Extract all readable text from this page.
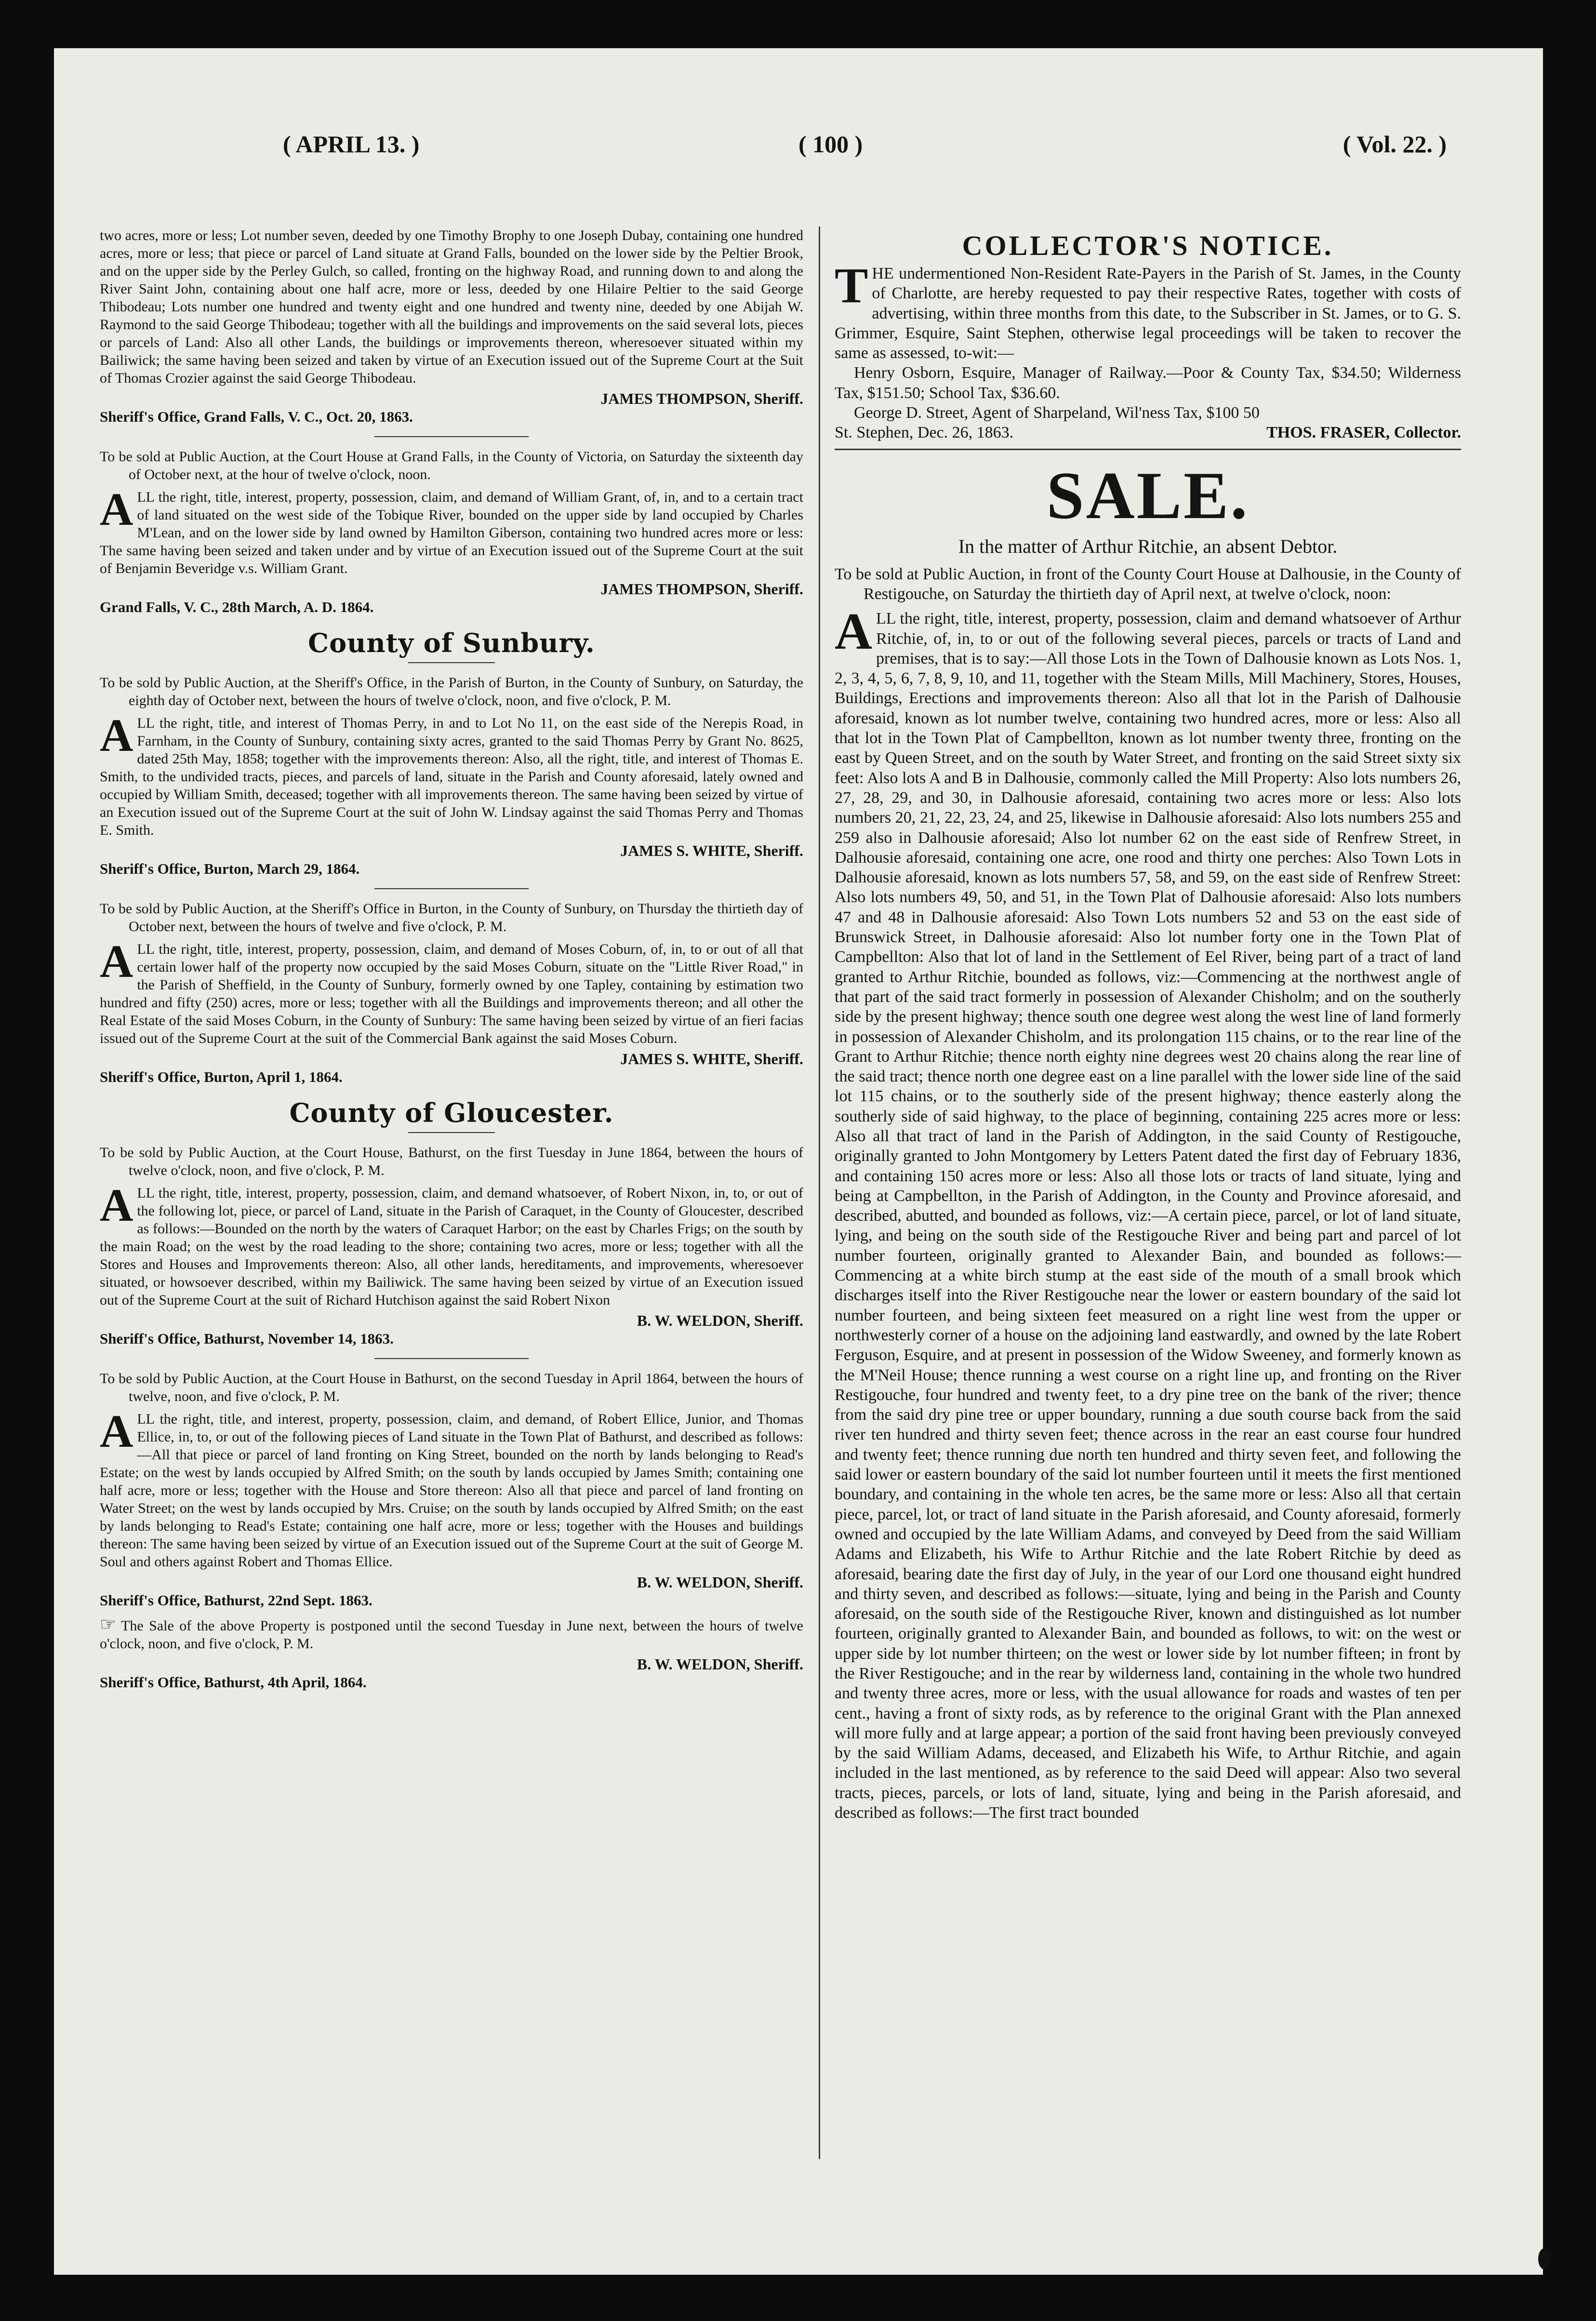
( APRIL 13. )	( 100 )	( Vol. 22. )

two acres, more or less; Lot number seven, deeded by one Timothy Brophy to one Joseph Dubay, containing one hundred acres, more or less; that piece or parcel of Land situate at Grand Falls, bounded on the lower side by the Peltier Brook, and on the upper side by the Perley Gulch, so called, fronting on the highway Road, and running down to and along the River Saint John, containing about one half acre, more or less, deeded by one Hilaire Peltier to the said George Thibodeau; Lots number one hundred and twenty eight and one hundred and twenty nine, deeded by one Abijah W. Raymond to the said George Thibodeau; together with all the buildings and improvements on the said several lots, pieces or parcels of Land: Also all other Lands, the buildings or improvements thereon, wheresoever situated within my Bailiwick; the same having been seized and taken by virtue of an Execution issued out of the Supreme Court at the Suit of Thomas Crozier against the said George Thibodeau.

JAMES THOMPSON, Sheriff.

Sheriff's Office, Grand Falls, V. C., Oct. 20, 1863.

To be sold at Public Auction, at the Court House at Grand Falls, in the County of Victoria, on Saturday the sixteenth day of October next, at the hour of twelve o'clock, noon.

ALL the right, title, interest, property, possession, claim, and demand of William Grant, of, in, and to a certain tract of land situated on the west side of the Tobique River, bounded on the upper side by land occupied by Charles M'Lean, and on the lower side by land owned by Hamilton Giberson, containing two hundred acres more or less: The same having been seized and taken under and by virtue of an Execution issued out of the Supreme Court at the suit of Benjamin Beveridge v.s. William Grant.

JAMES THOMPSON, Sheriff.

Grand Falls, V. C., 28th March, A. D. 1864.

County of Sunbury.

To be sold by Public Auction, at the Sheriff's Office, in the Parish of Burton, in the County of Sunbury, on Saturday, the eighth day of October next, between the hours of twelve o'clock, noon, and five o'clock, P. M.

ALL the right, title, and interest of Thomas Perry, in and to Lot No 11, on the east side of the Nerepis Road, in Farnham, in the County of Sunbury, containing sixty acres, granted to the said Thomas Perry by Grant No. 8625, dated 25th May, 1858; together with the improvements thereon: Also, all the right, title, and interest of Thomas E. Smith, to the undivided tracts, pieces, and parcels of land, situate in the Parish and County aforesaid, lately owned and occupied by William Smith, deceased; together with all improvements thereon. The same having been seized by virtue of an Execution issued out of the Supreme Court at the suit of John W. Lindsay against the said Thomas Perry and Thomas E. Smith.

JAMES S. WHITE, Sheriff.

Sheriff's Office, Burton, March 29, 1864.

To be sold by Public Auction, at the Sheriff's Office in Burton, in the County of Sunbury, on Thursday the thirtieth day of October next, between the hours of twelve and five o'clock, P. M.

ALL the right, title, interest, property, possession, claim, and demand of Moses Coburn, of, in, to or out of all that certain lower half of the property now occupied by the said Moses Coburn, situate on the "Little River Road," in the Parish of Sheffield, in the County of Sunbury, formerly owned by one Tapley, containing by estimation two hundred and fifty (250) acres, more or less; together with all the Buildings and improvements thereon; and all other the Real Estate of the said Moses Coburn, in the County of Sunbury: The same having been seized by virtue of an fieri facias issued out of the Supreme Court at the suit of the Commercial Bank against the said Moses Coburn.

JAMES S. WHITE, Sheriff.

Sheriff's Office, Burton, April 1, 1864.

County of Gloucester.

To be sold by Public Auction, at the Court House, Bathurst, on the first Tuesday in June 1864, between the hours of twelve o'clock, noon, and five o'clock, P. M.

ALL the right, title, interest, property, possession, claim, and demand whatsoever, of Robert Nixon, in, to, or out of the following lot, piece, or parcel of Land, situate in the Parish of Caraquet, in the County of Gloucester, described as follows:—Bounded on the north by the waters of Caraquet Harbor; on the east by Charles Frigs; on the south by the main Road; on the west by the road leading to the shore; containing two acres, more or less; together with all the Stores and Houses and Improvements thereon: Also, all other lands, hereditaments, and improvements, wheresoever situated, or howsoever described, within my Bailiwick. The same having been seized by virtue of an Execution issued out of the Supreme Court at the suit of Richard Hutchison against the said Robert Nixon

B. W. WELDON, Sheriff.

Sheriff's Office, Bathurst, November 14, 1863.

To be sold by Public Auction, at the Court House in Bathurst, on the second Tuesday in April 1864, between the hours of twelve, noon, and five o'clock, P. M.

ALL the right, title, and interest, property, possession, claim, and demand, of Robert Ellice, Junior, and Thomas Ellice, in, to, or out of the following pieces of Land situate in the Town Plat of Bathurst, and described as follows:—All that piece or parcel of land fronting on King Street, bounded on the north by lands belonging to Read's Estate; on the west by lands occupied by Alfred Smith; on the south by lands occupied by James Smith; containing one half acre, more or less; together with the House and Store thereon: Also all that piece and parcel of land fronting on Water Street; on the west by lands occupied by Mrs. Cruise; on the south by lands occupied by Alfred Smith; on the east by lands belonging to Read's Estate; containing one half acre, more or less; together with the Houses and buildings thereon: The same having been seized by virtue of an Execution issued out of the Supreme Court at the suit of George M. Soul and others against Robert and Thomas Ellice.

B. W. WELDON, Sheriff.

Sheriff's Office, Bathurst, 22nd Sept. 1863.

☞ The Sale of the above Property is postponed until the second Tuesday in June next, between the hours of twelve o'clock, noon, and five o'clock, P. M.

B. W. WELDON, Sheriff.

Sheriff's Office, Bathurst, 4th April, 1864.

COLLECTOR'S NOTICE.

THE undermentioned Non-Resident Rate-Payers in the Parish of St. James, in the County of Charlotte, are hereby requested to pay their respective Rates, together with costs of advertising, within three months from this date, to the Subscriber in St. James, or to G. S. Grimmer, Esquire, Saint Stephen, otherwise legal proceedings will be taken to recover the same as assessed, to-wit:—

Henry Osborn, Esquire, Manager of Railway.—Poor & County Tax, $34.50; Wilderness Tax, $151.50; School Tax, $36.60.

George D. Street, Agent of Sharpeland, Wil'ness Tax, $100 50

St. Stephen, Dec. 26, 1863.	THOS. FRASER, Collector.
SALE.
In the matter of Arthur Ritchie, an absent Debtor.

To be sold at Public Auction, in front of the County Court House at Dalhousie, in the County of Restigouche, on Saturday the thirtieth day of April next, at twelve o'clock, noon:

ALL the right, title, interest, property, possession, claim and demand whatsoever of Arthur Ritchie, of, in, to or out of the following several pieces, parcels or tracts of Land and premises, that is to say:—All those Lots in the Town of Dalhousie known as Lots Nos. 1, 2, 3, 4, 5, 6, 7, 8, 9, 10, and 11, together with the Steam Mills, Mill Machinery, Stores, Houses, Buildings, Erections and improvements thereon: Also all that lot in the Parish of Dalhousie aforesaid, known as lot number twelve, containing two hundred acres, more or less: Also all that lot in the Town Plat of Campbellton, known as lot number twenty three, fronting on the east by Queen Street, and on the south by Water Street, and fronting on the said Street sixty six feet: Also lots A and B in Dalhousie, commonly called the Mill Property: Also lots numbers 26, 27, 28, 29, and 30, in Dalhousie aforesaid, containing two acres more or less: Also lots numbers 20, 21, 22, 23, 24, and 25, likewise in Dalhousie aforesaid: Also lots numbers 255 and 259 also in Dalhousie aforesaid; Also lot number 62 on the east side of Renfrew Street, in Dalhousie aforesaid, containing one acre, one rood and thirty one perches: Also Town Lots in Dalhousie aforesaid, known as lots numbers 57, 58, and 59, on the east side of Renfrew Street: Also lots numbers 49, 50, and 51, in the Town Plat of Dalhousie aforesaid: Also lots numbers 47 and 48 in Dalhousie aforesaid: Also Town Lots numbers 52 and 53 on the east side of Brunswick Street, in Dalhousie aforesaid: Also lot number forty one in the Town Plat of Campbellton: Also that lot of land in the Settlement of Eel River, being part of a tract of land granted to Arthur Ritchie, bounded as follows, viz:—Commencing at the northwest angle of that part of the said tract formerly in possession of Alexander Chisholm; and on the southerly side by the present highway; thence south one degree west along the west line of land formerly in possession of Alexander Chisholm, and its prolongation 115 chains, or to the rear line of the Grant to Arthur Ritchie; thence north eighty nine degrees west 20 chains along the rear line of the said tract; thence north one degree east on a line parallel with the lower side line of the said lot 115 chains, or to the southerly side of the present highway; thence easterly along the southerly side of said highway, to the place of beginning, containing 225 acres more or less: Also all that tract of land in the Parish of Addington, in the said County of Restigouche, originally granted to John Montgomery by Letters Patent dated the first day of February 1836, and containing 150 acres more or less: Also all those lots or tracts of land situate, lying and being at Campbellton, in the Parish of Addington, in the County and Province aforesaid, and described, abutted, and bounded as follows, viz:—A certain piece, parcel, or lot of land situate, lying, and being on the south side of the Restigouche River and being part and parcel of lot number fourteen, originally granted to Alexander Bain, and bounded as follows:—Commencing at a white birch stump at the east side of the mouth of a small brook which discharges itself into the River Restigouche near the lower or eastern boundary of the said lot number fourteen, and being sixteen feet measured on a right line west from the upper or northwesterly corner of a house on the adjoining land eastwardly, and owned by the late Robert Ferguson, Esquire, and at present in possession of the Widow Sweeney, and formerly known as the M'Neil House; thence running a west course on a right line up, and fronting on the River Restigouche, four hundred and twenty feet, to a dry pine tree on the bank of the river; thence from the said dry pine tree or upper boundary, running a due south course back from the said river ten hundred and thirty seven feet; thence across in the rear an east course four hundred and twenty feet; thence running due north ten hundred and thirty seven feet, and following the said lower or eastern boundary of the said lot number fourteen until it meets the first mentioned boundary, and containing in the whole ten acres, be the same more or less: Also all that certain piece, parcel, lot, or tract of land situate in the Parish aforesaid, and County aforesaid, formerly owned and occupied by the late William Adams, and conveyed by Deed from the said William Adams and Elizabeth, his Wife to Arthur Ritchie and the late Robert Ritchie by deed as aforesaid, bearing date the first day of July, in the year of our Lord one thousand eight hundred and thirty seven, and described as follows:—situate, lying and being in the Parish and County aforesaid, on the south side of the Restigouche River, known and distinguished as lot number fourteen, originally granted to Alexander Bain, and bounded as follows, to wit: on the west or upper side by lot number thirteen; on the west or lower side by lot number fifteen; in front by the River Restigouche; and in the rear by wilderness land, containing in the whole two hundred and twenty three acres, more or less, with the usual allowance for roads and wastes of ten per cent., having a front of sixty rods, as by reference to the original Grant with the Plan annexed will more fully and at large appear; a portion of the said front having been previously conveyed by the said William Adams, deceased, and Elizabeth his Wife, to Arthur Ritchie, and again included in the last mentioned, as by reference to the said Deed will appear: Also two several tracts, pieces, parcels, or lots of land, situate, lying and being in the Parish aforesaid, and described as follows:—The first tract bounded
